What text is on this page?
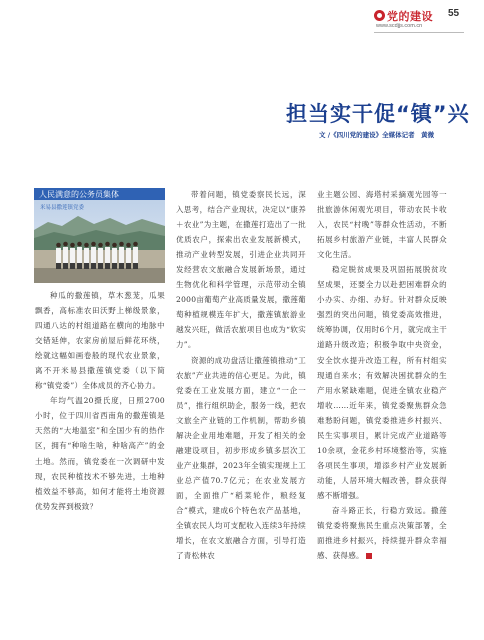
党的建设
www.scdjjs.com.cn
55
担当实干促“镇”兴
文 /《四川党的建设》全媒体记者　黄微
人民满意的公务员集体
米易县撒莲镇党委

种瓜的撒莲镇，草木葱茏，瓜果飘香，高标准农田沃野上梯级景象，四通八达的村组道路在横向的地脉中交错延伸，农家房前屋后鲜花环绕，绘就这幅如画卷般的现代农业景象，离不开米易县撒莲镇党委（以下简称“镇党委”）全体成员的齐心协力。

年均气温20摄氏度，日照2700小时，位于四川省西南角的撒莲镇是天然的“大地温室”和全国少有的热作区，拥有“种啥生啥，种啥高产”的金土地。然而，镇党委在一次调研中发现，农民种植技术不够先进，土地种植效益不够高，如何才能将土地资源优势发挥到极致？

带着问题，镇党委察民长远，深入思考，结合产业现状，决定以“康养＋农业”为主题，在撒莲打造出了一批优质农户，探索出农业发展新模式，推动产业转型发展，引进企业共同开发经营农文旅融合发展新场景，通过生物优化和科学管理，示范带动全镇2000亩葡萄产业高质量发展，撒莲葡萄种植规模连年扩大，撒莲镇旅游业越发兴旺，做活农旅项目也成为“软实力”。

资源的成功盘活让撒莲镇推动“工农旅”产业共进的信心更足。为此，镇党委在工业发展方面，建立“一企一员”，推行组织助企，服务一线，把农文旅全产业链的工作机制，帮助乡镇解决企业用地难题，开发了相关的金融建设项目，初步形成乡镇多层次工业产业集群，2023年全镇实现规上工业总产值70.7亿元；在农业发展方面，全面推广“稻菜轮作，粮经复合”模式，建成6个特色农产品基地，全镇农民人均可支配收入连续3年持续增长，在农文旅融合方面，引导打造了青松林农

业主题公园、海塔村采摘观光园等一批旅游休闲观光项目，带动农民卡收入，农民“村晚”等群众性活动，不断拓展乡村旅游产业链，丰富人民群众文化生活。

稳定脱贫成果及巩固拓展脱贫攻坚成果，还要全力以赴把困难群众的小办实、办细、办好。针对群众反映强烈的突出问题，镇党委高效推进，统筹协调，仅用时6个月，就完成主干道路升级改造；积极争取中央资金，安全饮水提升改造工程，所有村组实现通自来水；有效解决困扰群众的生产用水紧缺难题，促进全镇农业稳产增收……近年来，镇党委聚焦群众急难愁盼问题，镇党委推进乡村振兴、民生实事项目，累计完成产业道路等10余项，金花乡村环境整治等，实施各项民生事项，增添乡村产业发展新动能，人居环境大幅改善，群众获得感不断增强。

奋斗路正长，行稳方致远。撒莲镇党委将聚焦民生重点决策部署，全面推进乡村振兴，持续提升群众幸福感、获得感。
